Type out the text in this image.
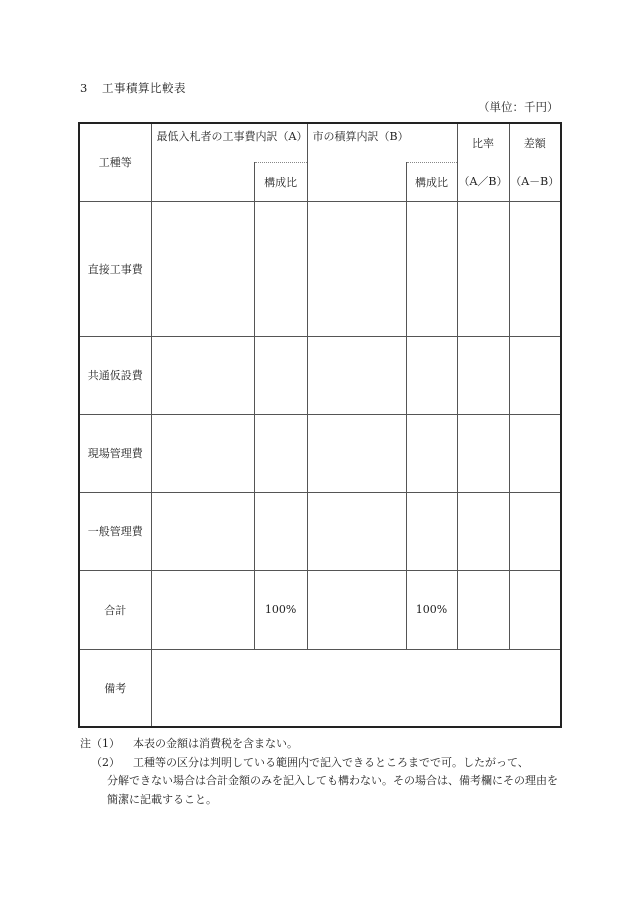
3 工事積算比較表
（単位：千円）
工種等	最低入札者の工事費内訳（A）		市の積算内訳（B）		比率	差額
		構成比		構成比	（A／B）	（A－B）
直接工事費						
共通仮設費						
現場管理費						
一般管理費						
合計		100%		100%		
備考						
注 （1）	本表の金額は消費税を含まない。
（2）	工種等の区分は判明している範囲内で記入できるところまでで可。したがって、
分解できない場合は合計金額のみを記入しても構わない。その場合は、備考欄にその理由を簡潔に記載すること。
